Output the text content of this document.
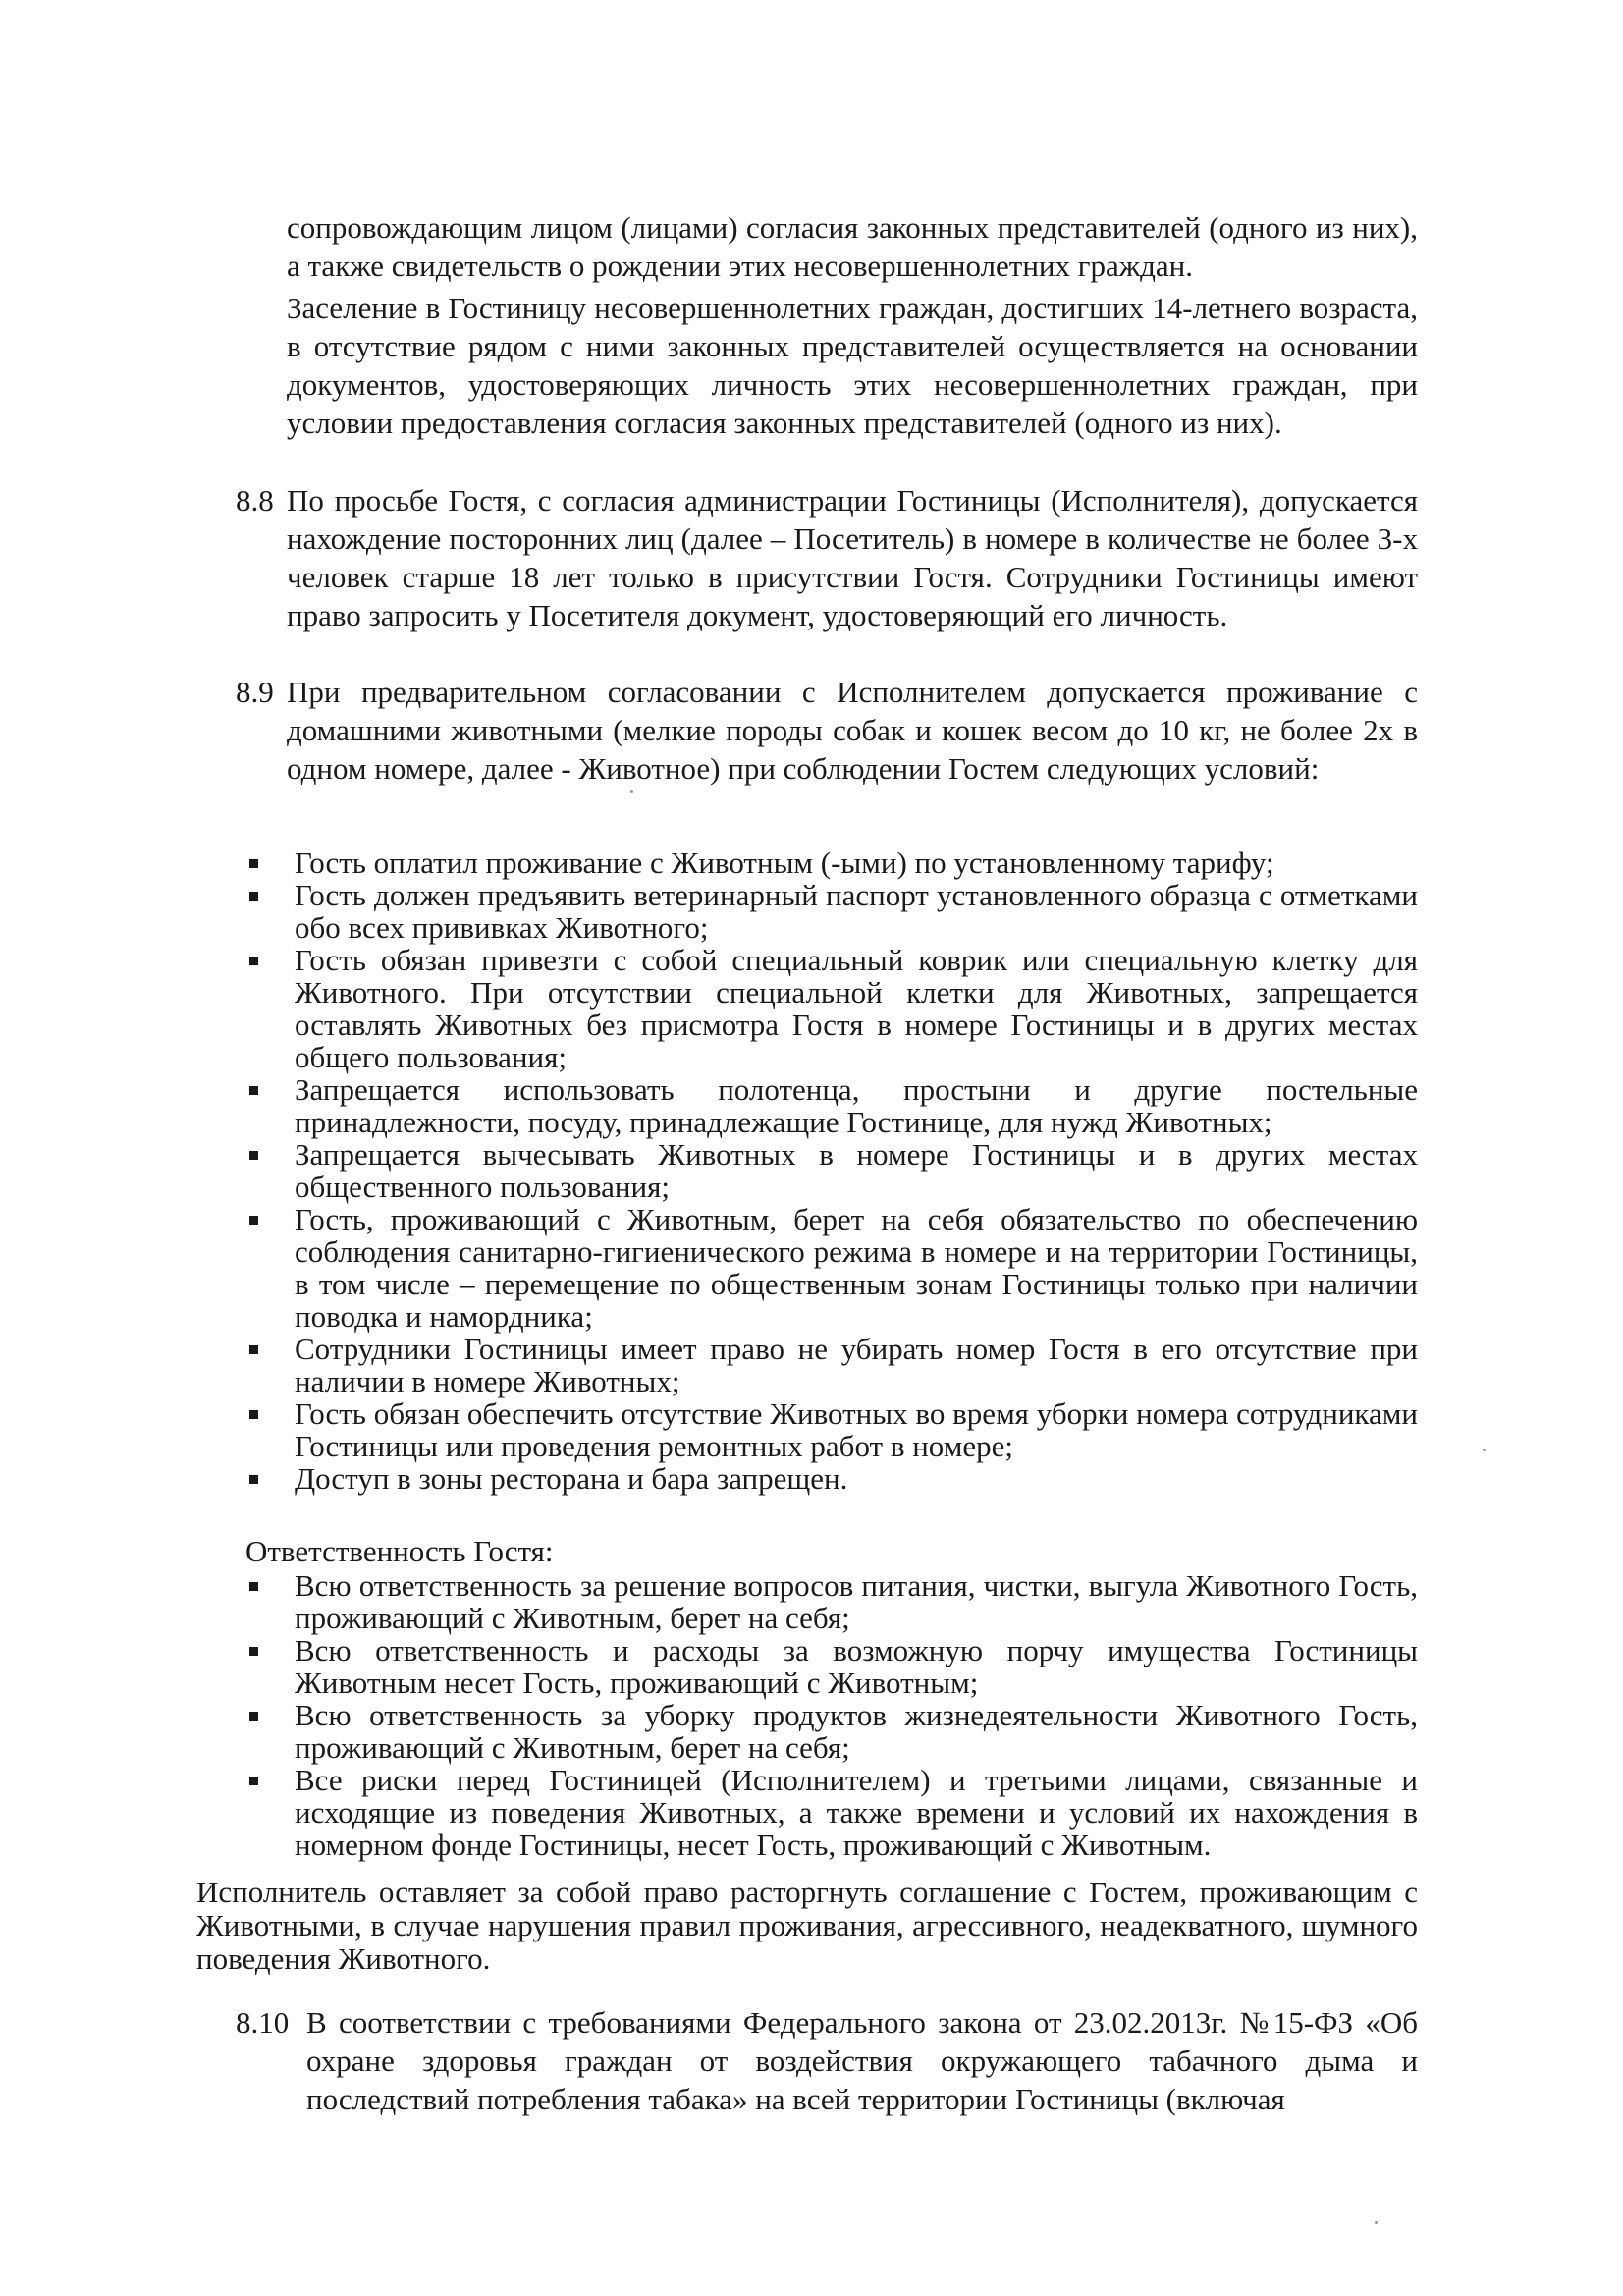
сопровождающим лицом (лицами) согласия законных представителей (одного из них), а также свидетельств о рождении этих несовершеннолетних граждан.

Заселение в Гостиницу несовершеннолетних граждан, достигших 14-летнего возраста, в отсутствие рядом с ними законных представителей осуществляется на основании документов, удостоверяющих личность этих несовершеннолетних граждан, при условии предоставления согласия законных представителей (одного из них).

8.8 По просьбе Гостя, с согласия администрации Гостиницы (Исполнителя), допускается нахождение посторонних лиц (далее – Посетитель) в номере в количестве не более 3-х человек старше 18 лет только в присутствии Гостя. Сотрудники Гостиницы имеют право запросить у Посетителя документ, удостоверяющий его личность.
8.9 При предварительном согласовании с Исполнителем допускается проживание с домашними животными (мелкие породы собак и кошек весом до 10 кг, не более 2х в одном номере, далее - Животное) при соблюдении Гостем следующих условий:
Гость оплатил проживание с Животным (-ыми) по установленному тарифу;
Гость должен предъявить ветеринарный паспорт установленного образца с отметками обо всех прививках Животного;
Гость обязан привезти с собой специальный коврик или специальную клетку для Животного. При отсутствии специальной клетки для Животных, запрещается оставлять Животных без присмотра Гостя в номере Гостиницы и в других местах общего пользования;
Запрещается использовать полотенца, простыни и другие постельные принадлежности, посуду, принадлежащие Гостинице, для нужд Животных;
Запрещается вычесывать Животных в номере Гостиницы и в других местах общественного пользования;
Гость, проживающий с Животным, берет на себя обязательство по обеспечению соблюдения санитарно-гигиенического режима в номере и на территории Гостиницы, в том числе – перемещение по общественным зонам Гостиницы только при наличии поводка и намордника;
Сотрудники Гостиницы имеет право не убирать номер Гостя в его отсутствие при наличии в номере Животных;
Гость обязан обеспечить отсутствие Животных во время уборки номера сотрудниками Гостиницы или проведения ремонтных работ в номере;
Доступ в зоны ресторана и бара запрещен.
Ответственность Гостя:
Всю ответственность за решение вопросов питания, чистки, выгула Животного Гость, проживающий с Животным, берет на себя;
Всю ответственность и расходы за возможную порчу имущества Гостиницы Животным несет Гость, проживающий с Животным;
Всю ответственность за уборку продуктов жизнедеятельности Животного Гость, проживающий с Животным, берет на себя;
Все риски перед Гостиницей (Исполнителем) и третьими лицами, связанные и исходящие из поведения Животных, а также времени и условий их нахождения в номерном фонде Гостиницы, несет Гость, проживающий с Животным.
Исполнитель оставляет за собой право расторгнуть соглашение с Гостем, проживающим с Животными, в случае нарушения правил проживания, агрессивного, неадекватного, шумного поведения Животного.
8.10 В соответствии с требованиями Федерального закона от 23.02.2013г. №15-ФЗ «Об охране здоровья граждан от воздействия окружающего табачного дыма и последствий потребления табака» на всей территории Гостиницы (включая
